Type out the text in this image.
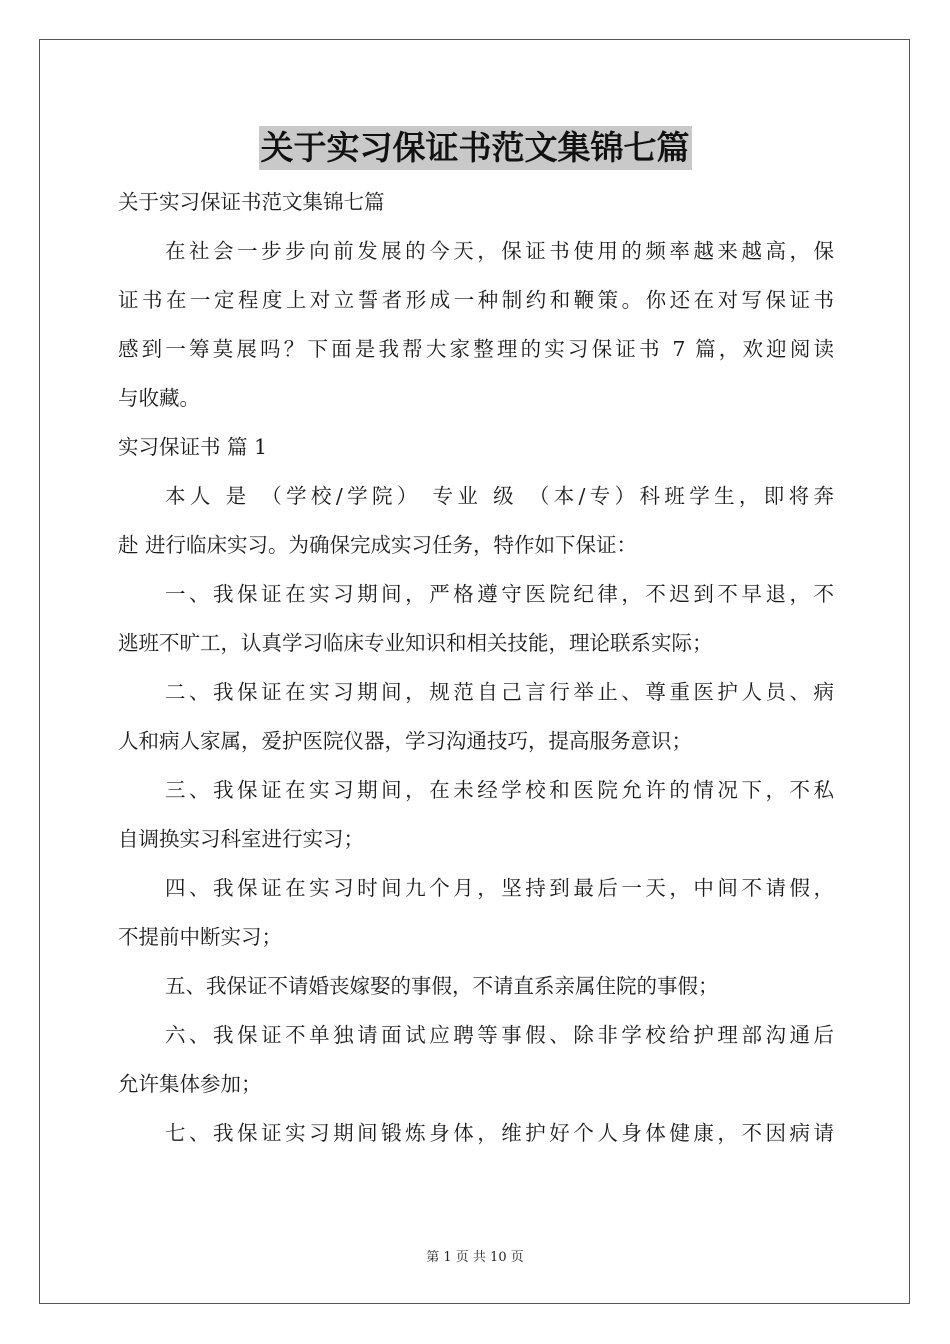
关于实习保证书范文集锦七篇
关于实习保证书范文集锦七篇
在社会一步步向前发展的今天，保证书使用的频率越来越高，保
证书在一定程度上对立誓者形成一种制约和鞭策。你还在对写保证书
感到一筹莫展吗？下面是我帮大家整理的实习保证书 7 篇，欢迎阅读
与收藏。
实习保证书 篇 1
本人 是 （学校/学院） 专业 级 （本/专）科班学生，即将奔
赴 进行临床实习。为确保完成实习任务，特作如下保证：
一、我保证在实习期间，严格遵守医院纪律，不迟到不早退，不
逃班不旷工，认真学习临床专业知识和相关技能，理论联系实际；
二、我保证在实习期间，规范自己言行举止、尊重医护人员、病
人和病人家属，爱护医院仪器，学习沟通技巧，提高服务意识；
三、我保证在实习期间，在未经学校和医院允许的情况下，不私
自调换实习科室进行实习；
四、我保证在实习时间九个月，坚持到最后一天，中间不请假，
不提前中断实习；
五、我保证不请婚丧嫁娶的事假，不请直系亲属住院的事假；
六、我保证不单独请面试应聘等事假、除非学校给护理部沟通后
允许集体参加；
七、我保证实习期间锻炼身体，维护好个人身体健康，不因病请
第 1 页 共 10 页
